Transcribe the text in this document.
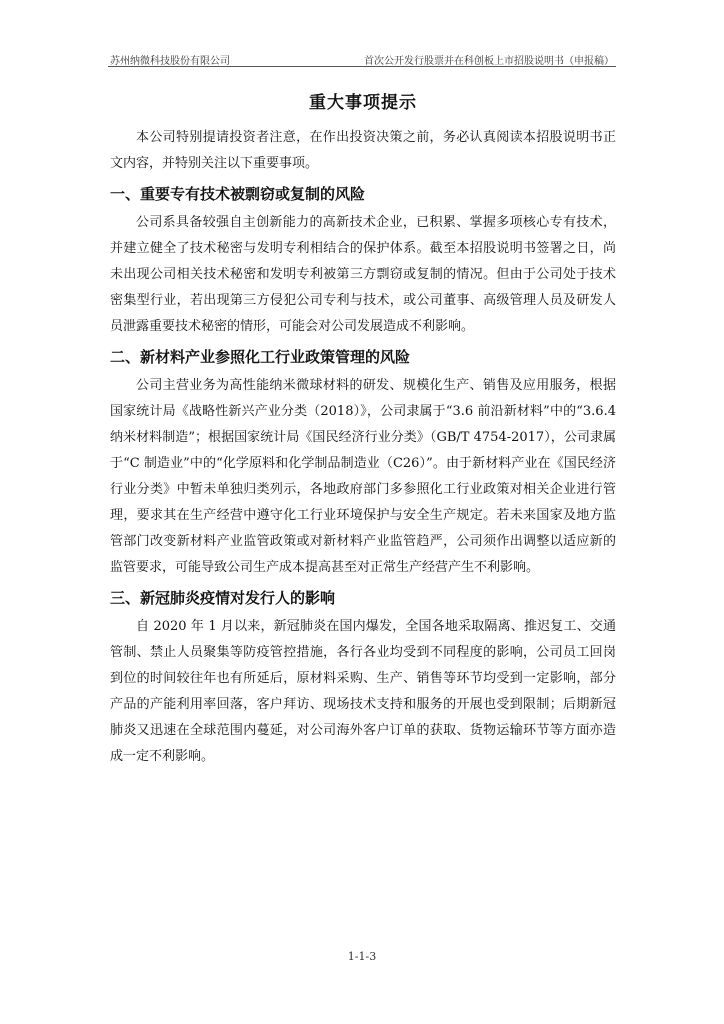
苏州纳微科技股份有限公司	首次公开发行股票并在科创板上市招股说明书（申报稿）
重大事项提示

本公司特别提请投资者注意，在作出投资决策之前，务必认真阅读本招股说明书正文内容，并特别关注以下重要事项。

一、重要专有技术被剽窃或复制的风险

公司系具备较强自主创新能力的高新技术企业，已积累、掌握多项核心专有技术，并建立健全了技术秘密与发明专利相结合的保护体系。截至本招股说明书签署之日，尚未出现公司相关技术秘密和发明专利被第三方剽窃或复制的情况。但由于公司处于技术密集型行业，若出现第三方侵犯公司专利与技术，或公司董事、高级管理人员及研发人员泄露重要技术秘密的情形，可能会对公司发展造成不利影响。

二、新材料产业参照化工行业政策管理的风险

公司主营业务为高性能纳米微球材料的研发、规模化生产、销售及应用服务，根据国家统计局《战略性新兴产业分类（2018）》，公司隶属于“3.6 前沿新材料”中的“3.6.4 纳米材料制造”；根据国家统计局《国民经济行业分类》（GB/T 4754-2017），公司隶属于“C 制造业”中的“化学原料和化学制品制造业（C26）”。由于新材料产业在《国民经济行业分类》中暂未单独归类列示，各地政府部门多参照化工行业政策对相关企业进行管理，要求其在生产经营中遵守化工行业环境保护与安全生产规定。若未来国家及地方监管部门改变新材料产业监管政策或对新材料产业监管趋严，公司须作出调整以适应新的监管要求，可能导致公司生产成本提高甚至对正常生产经营产生不利影响。

三、新冠肺炎疫情对发行人的影响

自 2020 年 1 月以来，新冠肺炎在国内爆发，全国各地采取隔离、推迟复工、交通管制、禁止人员聚集等防疫管控措施，各行各业均受到不同程度的影响，公司员工回岗到位的时间较往年也有所延后，原材料采购、生产、销售等环节均受到一定影响，部分产品的产能利用率回落，客户拜访、现场技术支持和服务的开展也受到限制；后期新冠肺炎又迅速在全球范围内蔓延，对公司海外客户订单的获取、货物运输环节等方面亦造成一定不利影响。

1-1-3
